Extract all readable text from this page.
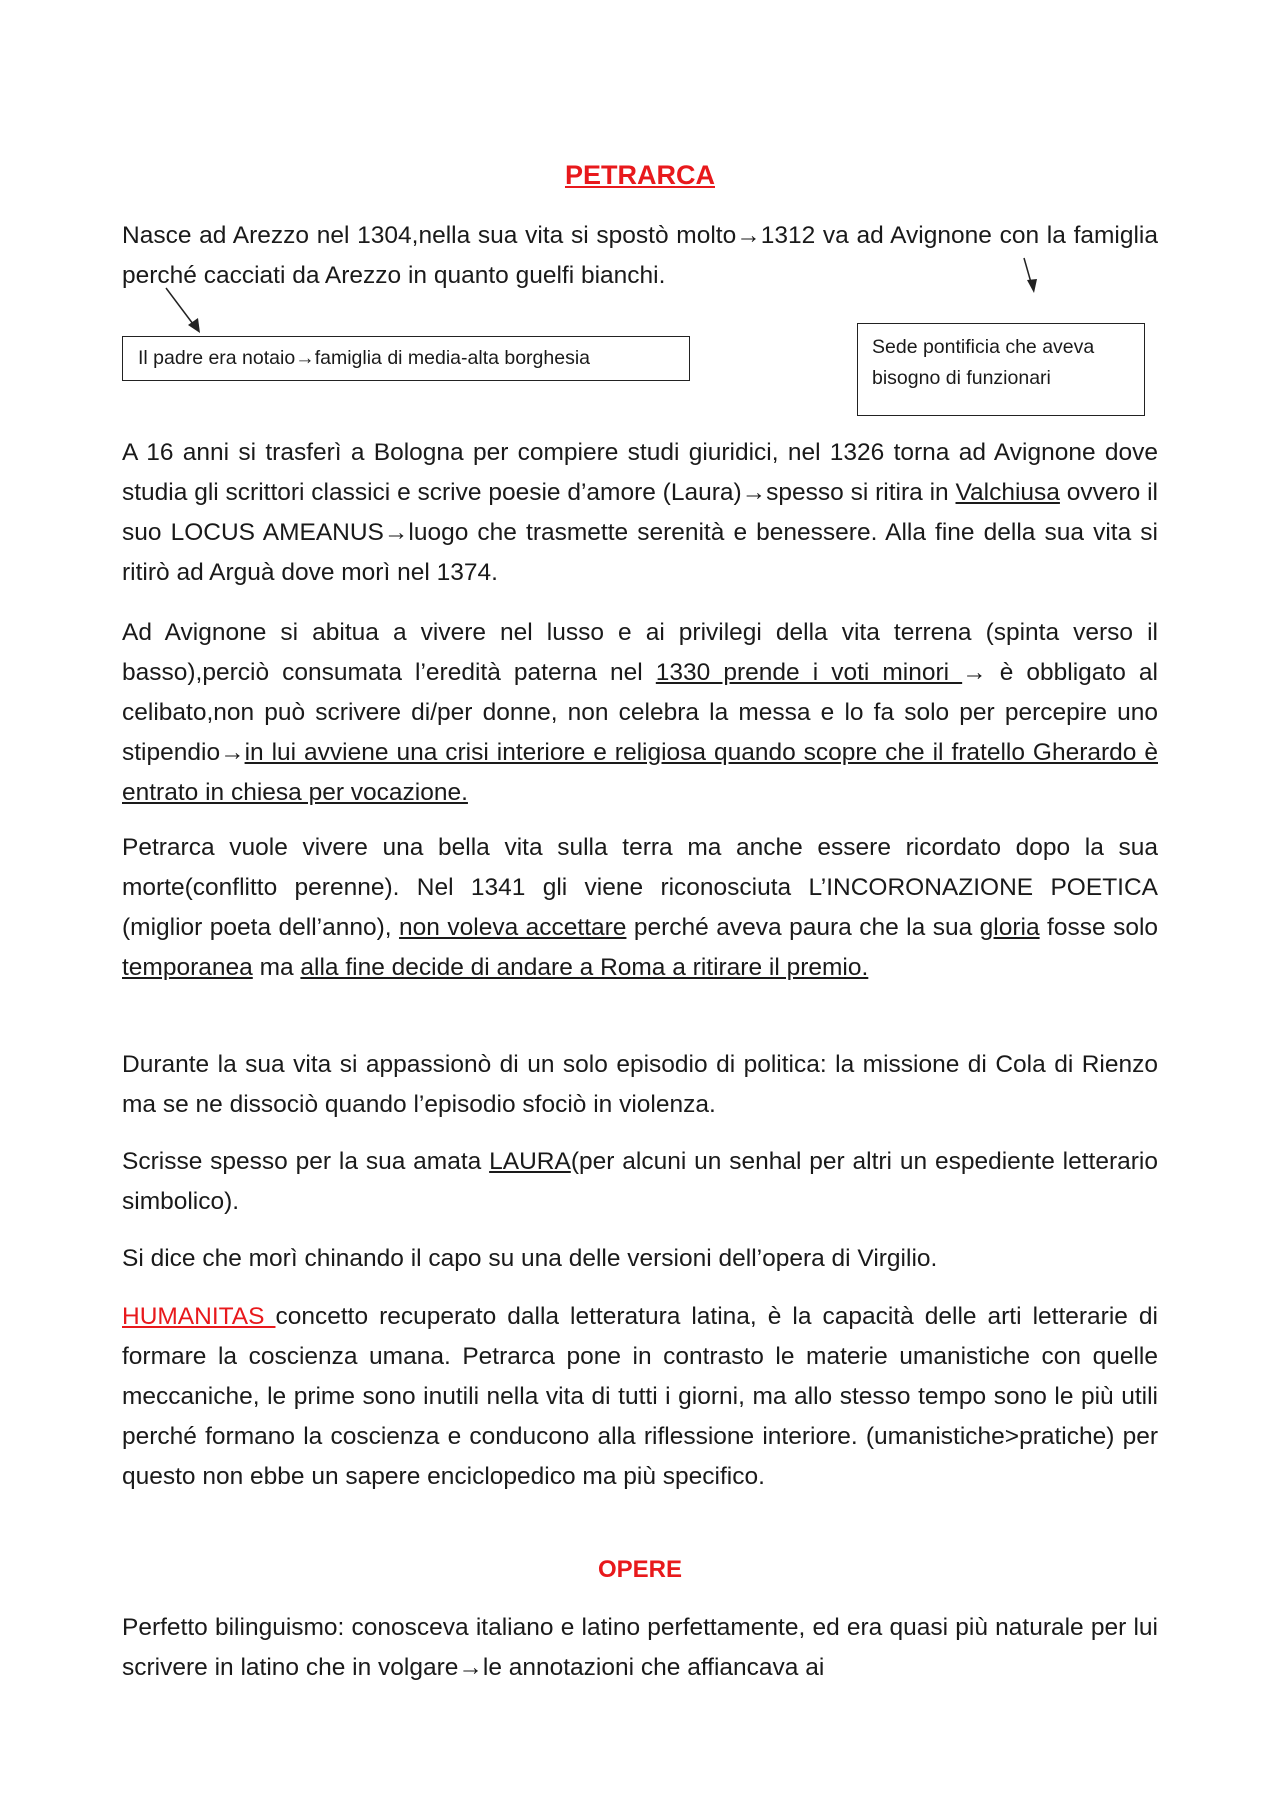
PETRARCA
Nasce ad Arezzo nel 1304,nella sua vita si spostò molto→1312 va ad Avignone con la famiglia perché cacciati da Arezzo in quanto guelfi bianchi.
Il padre era notaio→famiglia di media-alta borghesia	Sede pontificia che aveva bisogno di funzionari
A 16 anni si trasferì a Bologna per compiere studi giuridici, nel 1326 torna ad Avignone dove studia gli scrittori classici e scrive poesie d’amore (Laura)→spesso si ritira in Valchiusa ovvero il suo LOCUS AMEANUS→luogo che trasmette serenità e benessere. Alla fine della sua vita si ritirò ad Arguà dove morì nel 1374.
Ad Avignone si abitua a vivere nel lusso e ai privilegi della vita terrena (spinta verso il basso),perciò consumata l’eredità paterna nel 1330 prende i voti minori → è obbligato al celibato,non può scrivere di/per donne, non celebra la messa e lo fa solo per percepire uno stipendio→in lui avviene una crisi interiore e religiosa quando scopre che il fratello Gherardo è entrato in chiesa per vocazione.
Petrarca vuole vivere una bella vita sulla terra ma anche essere ricordato dopo la sua morte(conflitto perenne). Nel 1341 gli viene riconosciuta L’INCORONAZIONE POETICA (miglior poeta dell’anno), non voleva accettare perché aveva paura che la sua gloria fosse solo temporanea ma alla fine decide di andare a Roma a ritirare il premio.
Durante la sua vita si appassionò di un solo episodio di politica: la missione di Cola di Rienzo ma se ne dissociò quando l’episodio sfociò in violenza.
Scrisse spesso per la sua amata LAURA(per alcuni un senhal per altri un espediente letterario simbolico).
Si dice che morì chinando il capo su una delle versioni dell’opera di Virgilio.
HUMANITAS concetto recuperato dalla letteratura latina, è la capacità delle arti letterarie di formare la coscienza umana. Petrarca pone in contrasto le materie umanistiche con quelle meccaniche, le prime sono inutili nella vita di tutti i giorni, ma allo stesso tempo sono le più utili perché formano la coscienza e conducono alla riflessione interiore. (umanistiche>pratiche) per questo non ebbe un sapere enciclopedico ma più specifico.
OPERE
Perfetto bilinguismo: conosceva italiano e latino perfettamente, ed era quasi più naturale per lui scrivere in latino che in volgare→le annotazioni che affiancava ai
